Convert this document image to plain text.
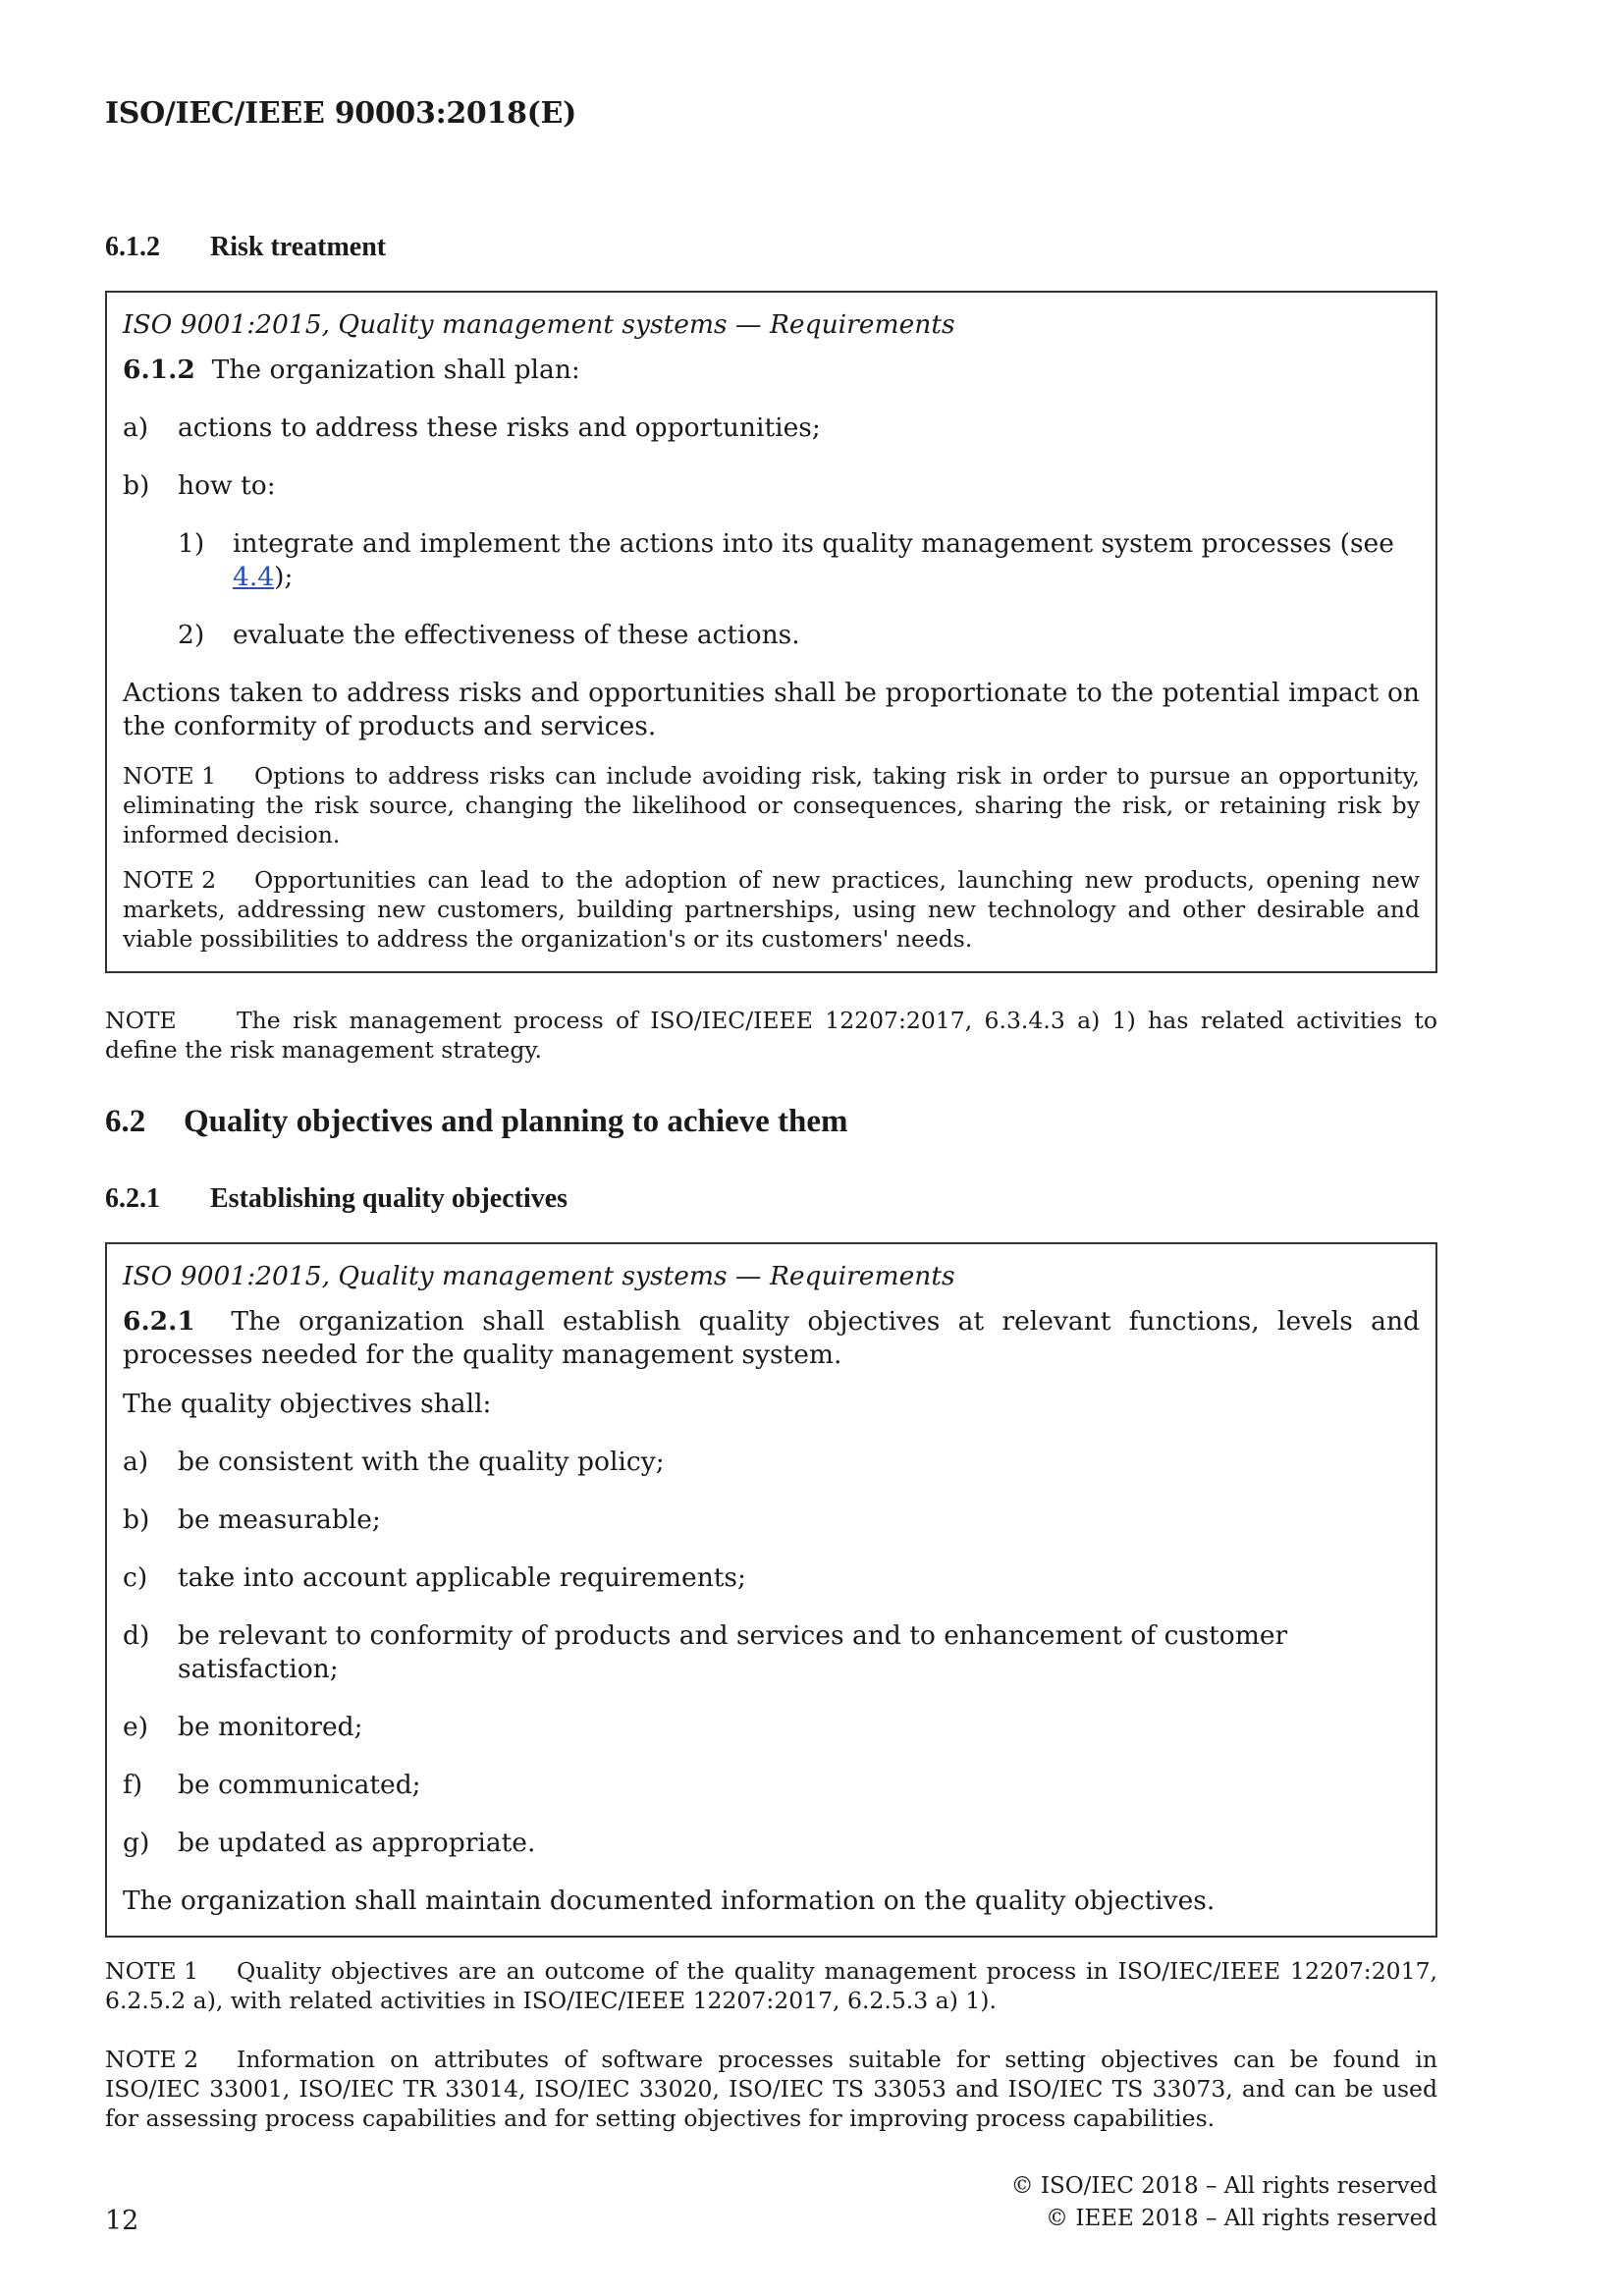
ISO/IEC/IEEE 90003:2018(E)
6.1.2 Risk treatment
ISO 9001:2015, Quality management systems — Requirements
6.1.2 The organization shall plan:
a)	actions to address these risks and opportunities;
b)	how to:
1)	integrate and implement the actions into its quality management system processes (see 4.4);
2)	evaluate the effectiveness of these actions.
Actions taken to address risks and opportunities shall be proportionate to the potential impact on the conformity of products and services.
NOTE 1 Options to address risks can include avoiding risk, taking risk in order to pursue an opportunity, eliminating the risk source, changing the likelihood or consequences, sharing the risk, or retaining risk by informed decision.
NOTE 2 Opportunities can lead to the adoption of new practices, launching new products, opening new markets, addressing new customers, building partnerships, using new technology and other desirable and viable possibilities to address the organization's or its customers' needs.
NOTE	The risk management process of ISO/IEC/IEEE 12207:2017, 6.3.4.3 a) 1) has related activities to define the risk management strategy.
6.2 Quality objectives and planning to achieve them
6.2.1 Establishing quality objectives
ISO 9001:2015, Quality management systems — Requirements
6.2.1 The organization shall establish quality objectives at relevant functions, levels and processes needed for the quality management system.
The quality objectives shall:
a)	be consistent with the quality policy;
b)	be measurable;
c)	take into account applicable requirements;
d)	be relevant to conformity of products and services and to enhancement of customer satisfaction;
e)	be monitored;
f)	be communicated;
g)	be updated as appropriate.
The organization shall maintain documented information on the quality objectives.
NOTE 1 Quality objectives are an outcome of the quality management process in ISO/IEC/IEEE 12207:2017, 6.2.5.2 a), with related activities in ISO/IEC/IEEE 12207:2017, 6.2.5.3 a) 1).
NOTE 2 Information on attributes of software processes suitable for setting objectives can be found in ISO/IEC 33001, ISO/IEC TR 33014, ISO/IEC 33020, ISO/IEC TS 33053 and ISO/IEC TS 33073, and can be used for assessing process capabilities and for setting objectives for improving process capabilities.
© ISO/IEC 2018 – All rights reserved
© IEEE 2018 – All rights reserved
12
